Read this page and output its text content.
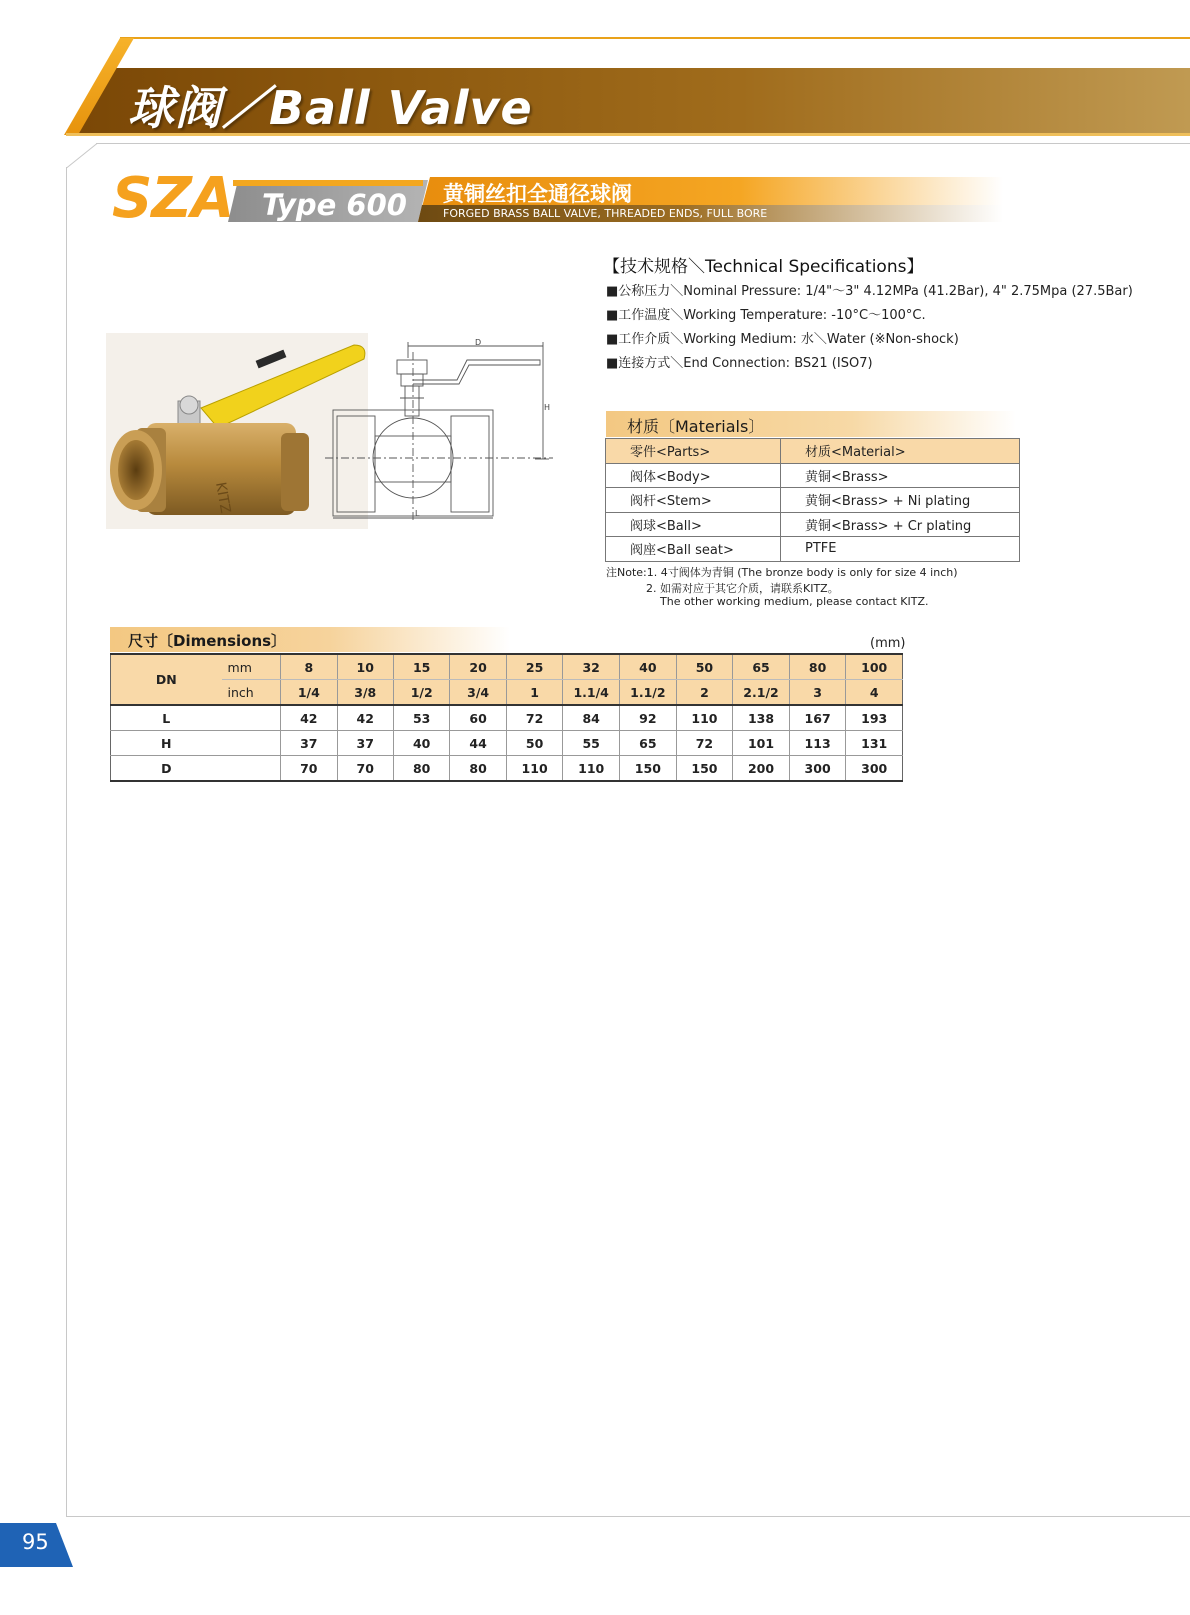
球阀／Ball Valve
SZA Type 600 黄铜丝扣全通径球阀
FORGED BRASS BALL VALVE, THREADED ENDS, FULL BORE
KITZ
D
H
L
【技术规格＼Technical Specifications】
■公称压力＼Nominal Pressure: 1/4"～3" 4.12MPa (41.2Bar), 4" 2.75Mpa (27.5Bar)
■工作温度＼Working Temperature: -10°C～100°C.
■工作介质＼Working Medium: 水＼Water (※Non-shock)
■连接方式＼End Connection: BS21 (ISO7)
材质〔Materials〕
零件<Parts>	材质<Material>
阀体<Body>	黄铜<Brass>
阀杆<Stem>	黄铜<Brass> + Ni plating
阀球<Ball>	黄铜<Brass> + Cr plating
阀座<Ball seat>	PTFE
注Note:1. 4寸阀体为青铜 (The bronze body is only for size 4 inch)
2. 如需对应于其它介质，请联系KITZ。
The other working medium, please contact KITZ.
尺寸〔Dimensions〕	(mm)
DN	mm	8	10	15	20	25	32	40	50	65	80	100
	inch	1/4	3/8	1/2	3/4	1	1.1/4	1.1/2	2	2.1/2	3	4
L		42	42	53	60	72	84	92	110	138	167	193
H		37	37	40	44	50	55	65	72	101	113	131
D		70	70	80	80	110	110	150	150	200	300	300
95
